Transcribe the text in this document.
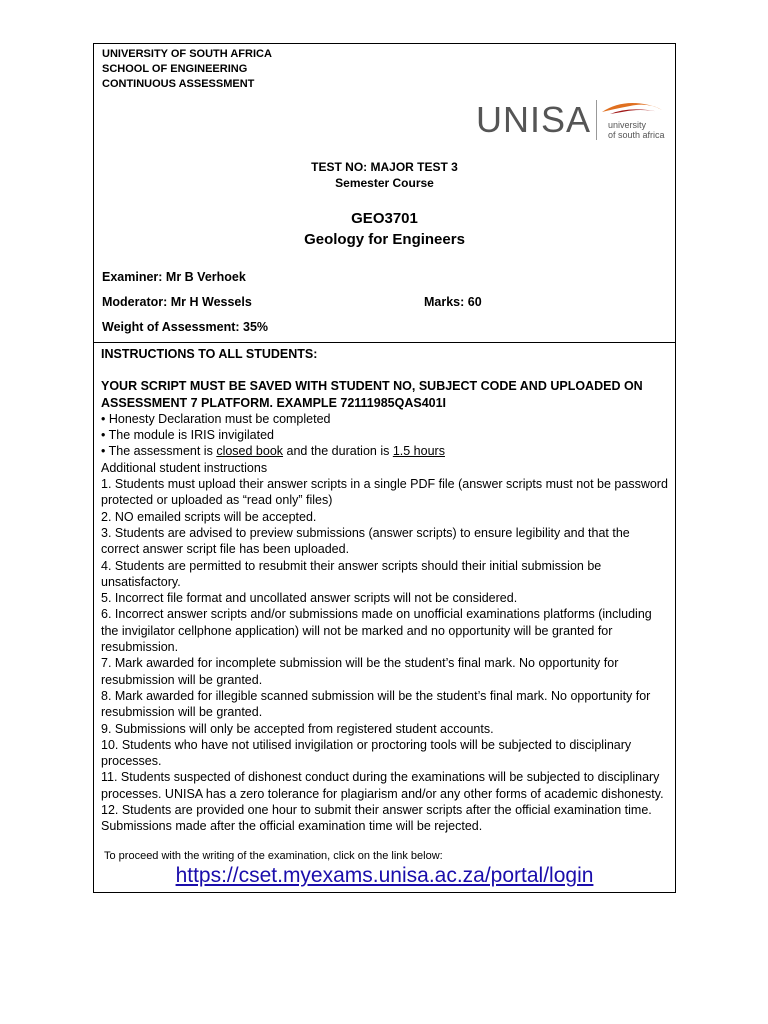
UNIVERSITY OF SOUTH AFRICA
SCHOOL OF ENGINEERING
CONTINUOUS ASSESSMENT
UNISA university
of south africa
TEST NO: MAJOR TEST 3
Semester Course
GEO3701
Geology for Engineers
Examiner: Mr B Verhoek
Moderator: Mr H Wessels	Marks: 60
Weight of Assessment: 35%

INSTRUCTIONS TO ALL STUDENTS:

YOUR SCRIPT MUST BE SAVED WITH STUDENT NO, SUBJECT CODE AND UPLOADED ON ASSESSMENT 7 PLATFORM. EXAMPLE 72111985QAS401I

• Honesty Declaration must be completed

• The module is IRIS invigilated

• The assessment is closed book and the duration is 1.5 hours

Additional student instructions

1. Students must upload their answer scripts in a single PDF file (answer scripts must not be password protected or uploaded as “read only” files)

2. NO emailed scripts will be accepted.

3. Students are advised to preview submissions (answer scripts) to ensure legibility and that the correct answer script file has been uploaded.

4. Students are permitted to resubmit their answer scripts should their initial submission be unsatisfactory.

5. Incorrect file format and uncollated answer scripts will not be considered.

6. Incorrect answer scripts and/or submissions made on unofficial examinations platforms (including the invigilator cellphone application) will not be marked and no opportunity will be granted for resubmission.

7. Mark awarded for incomplete submission will be the student’s final mark. No opportunity for resubmission will be granted.

8. Mark awarded for illegible scanned submission will be the student’s final mark. No opportunity for resubmission will be granted.

9. Submissions will only be accepted from registered student accounts.

10. Students who have not utilised invigilation or proctoring tools will be subjected to disciplinary processes.

11. Students suspected of dishonest conduct during the examinations will be subjected to disciplinary processes. UNISA has a zero tolerance for plagiarism and/or any other forms of academic dishonesty.

12. Students are provided one hour to submit their answer scripts after the official examination time. Submissions made after the official examination time will be rejected.

To proceed with the writing of the examination, click on the link below:
https://cset.myexams.unisa.ac.za/portal/login
